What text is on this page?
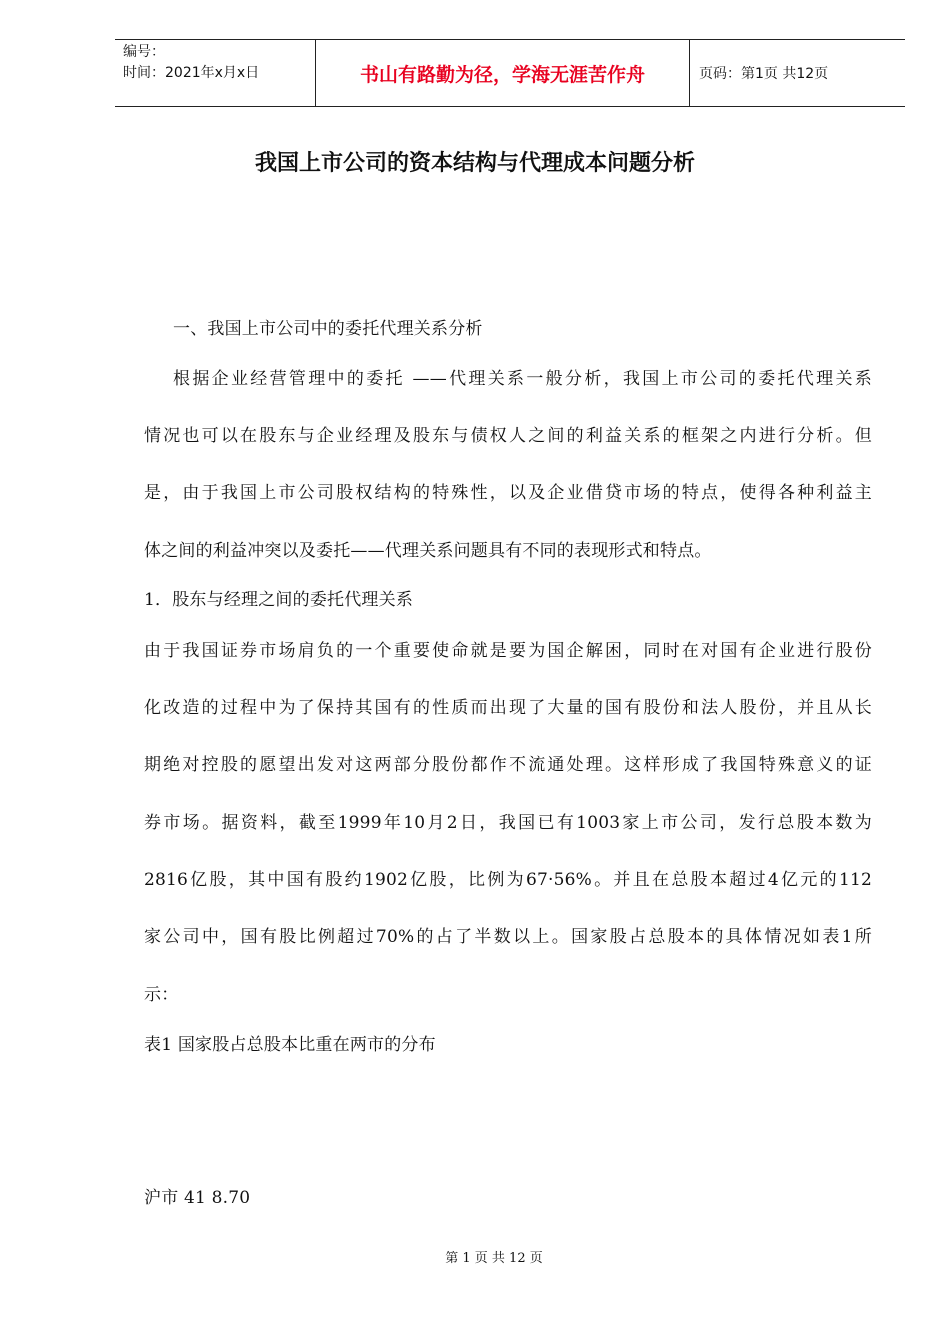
编号：
时间：2021年x月x日	书山有路勤为径，学海无涯苦作舟	页码：第1页 共12页
我国上市公司的资本结构与代理成本问题分析
一、我国上市公司中的委托代理关系分析
根据企业经营管理中的委托 ——代理关系一般分析，我国上市公司的委托代理关系
情况也可以在股东与企业经理及股东与债权人之间的利益关系的框架之内进行分析。但
是，由于我国上市公司股权结构的特殊性，以及企业借贷市场的特点，使得各种利益主
体之间的利益冲突以及委托——代理关系问题具有不同的表现形式和特点。
1．股东与经理之间的委托代理关系
由于我国证券市场肩负的一个重要使命就是要为国企解困，同时在对国有企业进行股份
化改造的过程中为了保持其国有的性质而出现了大量的国有股份和法人股份，并且从长
期绝对控股的愿望出发对这两部分股份都作不流通处理。这样形成了我国特殊意义的证
券市场。据资料，截至1999年10月2日，我国已有1003家上市公司，发行总股本数为
2816亿股，其中国有股约1902亿股，比例为67·56%。并且在总股本超过4亿元的112
家公司中，国有股比例超过70%的占了半数以上。国家股占总股本的具体情况如表1所
示：
表1 国家股占总股本比重在两市的分布
沪市 41 8.70
第 1 页 共 12 页
